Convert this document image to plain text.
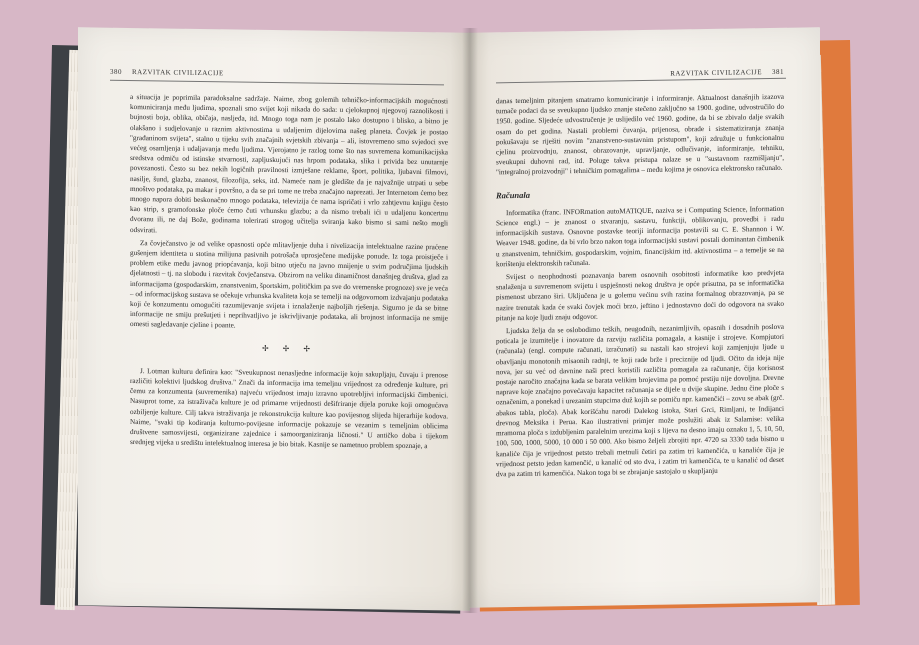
380 RAZVITAK CIVILIZACIJE

a situacija je poprimila paradoksalne sadržaje. Naime, zbog golemih tehničko-informacijskih mogućnosti komuniciranja među ljudima, spoznali smo svijet koji nikada do sada: u cjelokupnoj njegovoj raznolikosti i bujnosti boja, oblika, običaja, nasljeđa, itd. Mnogo toga nam je postalo lako dostupno i blisko, a bitno je olakšano i sudjelovanje u raznim aktivnostima u udaljenim dijelovima našeg planeta. Čovjek je postao "građaninom svijeta", stalno u tijeku svih značajnih svjetskih zbivanja – ali, istovremeno smo svjedoci sve većeg osamljenja i udaljavanja među ljudima. Vjerojatno je razlog tome što nas suvremena komunikacijska sredstva odmiču od istinske stvarnosti, zapljuskujući nas hrpom podataka, slika i privida bez unutarnje povezanosti. Često su bez nekih logičnih pravilnosti izmješane reklame, šport, politika, ljubavni filmovi, nasilje, šund, glazba, znanost, filozofija, seks, itd. Nameće nam je gledište da je najvažnije utrpati u sebe mnoštvo podataka, pa makar i površno, a da se pri tome ne treba značajno naprezati. Jer Internetom ćemo bez mnogo napora dobiti beskonačno mnogo podataka, televizija će nama ispričati i vrlo zahtjevnu knjigu često kao strip, s gramofonske ploče ćemo čuti vrhunsku glazbu; a da nismo trebali ići u udaljenu koncertnu dvoranu ili, ne daj Bože, godinama tolerirati strogog učitelja sviranja kako bismo si sami nešto mogli odsvirati.

Za čovječanstvo je od velike opasnosti opće mlitavljenje duha i nivelizacija intelektualne razine praćene gušenjem identiteta u stotina milijuna pasivnih potrošača uprosječene medijske ponude. Iz toga proistječe i problem etike među javnog priopćavanja, koji bitno utječu na javno mnijenje u svim područjima ljudskih djelatnosti – tj. na slobodu i razvitak čovječanstva. Obzirom na veliku dinamičnost današnjeg društva, glad za informacijama (gospodarskim, znanstvenim, športskim, političkim pa sve do vremenske prognoze) sve je veća – od informacijskog sustava se očekuje vrhunska kvaliteta koja se temelji na odgovornom izdvajanju podataka koji će konzumentu omogućiti razumijevanje svijeta i iznalaženje najboljih rješenja. Sigurno je da se bitne informacije ne smiju prešutjeti i neprihvatljivo je iskrivljivanje podataka, ali brojnost informacija ne smije omesti sagledavanje cjeline i poante.

✢ ✢ ✢

J. Lotman kulturu definira kao: "Sveukupnost nenasljedne informacije koju sakupljaju, čuvaju i prenose različiti kolektivi ljudskog društva." Znači da informacija ima temeljnu vrijednost za određenje kulture, pri čemu za konzumenta (suvremenika) najveću vrijednost imaju izravno upotrebljivi informacijski čimbenici. Nasuprot tome, za istraživača kulture je od primarne vrijednosti dešifriranje dijela poruke koji omogućava ozbiljenje kulture. Cilj takva istraživanja je rekonstrukcija kulture kao povijesnog slijeda hijerarhije kodova. Naime, "svaki tip kodiranja kulturno-povijesne informacije pokazuje se vezanim s temeljnim oblicima društvene samosvijesti, organizirane zajednice i samoorganiziranja ličnosti." U antičko doba i tijekom srednjeg vijeka u središtu intelektualnog interesa je bio bitak. Kasnije se nametnuo problem spoznaje, a

RAZVITAK CIVILIZACIJE 381

danas temeljnim pitanjem smatramo komuniciranje i informiranje. Aktualnost današnjih izazova tumače podaci da se sveukupno ljudsko znanje stečeno zaključno sa 1900. godine, udvostručilo do 1950. godine. Sljedeće udvostručenje je uslijedilo već 1960. godine, da bi se zbivalo dalje svakih osam do pet godina. Nastali problemi čuvanja, prijenosa, obrade i sistematiziranja znanja pokušavaju se riješiti novim "znanstveno-sustavnim pristupom", koji združuje u funkcionalnu cjelinu proizvodnju, znanost, obrazovanje, upravljanje, odlučivanje, informiranje, tehniku, sveukupni duhovni rad, itd. Poluge takva pristupa nalaze se u "sustavnom razmišljanju", "integralnoj proizvodnji" i tehničkim pomagalima – među kojima je osnovica elektronsko računalo.

Računala

Informatika (franc. INFORmation autoMATIQUE, naziva se i Computing Science, Information Science engl.) – je znanost o stvaranju, sastavu, funkciji, oblikovanju, provedbi i radu informacijskih sustava. Osnovne postavke teoriji informacija postavili su C. E. Shannon i W. Weaver 1948. godine, da bi vrlo brzo nakon toga informacijski sustavi postali dominantan čimbenik u znanstvenim, tehničkim, gospodarskim, vojnim, financijskim itd. aktivnostima – a temelje se na korištenju elektronskih računala.

Svijest o neophodnosti poznavanja barem osnovnih osobitosti informatike kao predvjeta snalaženja u suvremenom svijetu i uspješnosti nekog društva je opće prisutna, pa se informatička pismenost ubrzano širi. Uključena je u golemu većinu svih razina formalnog obrazovanja, pa se nazire trenutak kada će svaki čovjek moći brzo, jeftino i jednostavno doći do odgovora na svako pitanje na koje ljudi znaju odgovor.

Ljudska želja da se oslobodimo teških, neugodnih, nezanimljivih, opasnih i dosadnih poslova poticala je izumitelje i inovatore da razviju različita pomagala, a kasnije i strojeve. Kompjutori (računala) (engl. compute računati, izračunati) su nastali kao strojevi koji zamjenjuju ljude u obavljanju monotonih misaonih radnji, te koji rade brže i preciznije od ljudi. Očito da ideja nije nova, jer su već od davnine naši preci koristili različita pomagala za računanje, čija korisnost postaje naročito značajna kada se barata velikim brojevima pa pomoć prstiju nije dovoljna. Drevne naprave koje značajno povećavaju kapacitet računanja se dijele u dvije skupine. Jednu čine ploče s označenim, a ponekad i urezanim stupcima duž kojih se pomiču npr. kamenčići – zovu se abak (grč. abakos tabla, ploča). Abak korišćahu narodi Dalekog istoka, Stari Grci, Rimljani, te Indijanci drevnog Meksika i Peruа. Kao ilustrativni primjer može poslužiti abak iz Salamise: velika mramorna ploča s izdubljenim paralelnim urezima koji s lijeva na desno imaju oznaku 1, 5, 10, 50, 100, 500, 1000, 5000, 10 000 i 50 000. Ako bismo željeli zbrojiti npr. 4720 sa 3330 tada bismo u kanaliće čija je vrijednost petsto trebali metnuli četiri pa zatim tri kamenčića, u kanaliće čija je vrijednost petsto jedan kamenčić, u kanalić od sto dva, i zatim tri kamenčića, te u kanalić od deset dva pa zatim tri kamenčića. Nakon toga bi se zbrajanje sastojalo u skupljanju
